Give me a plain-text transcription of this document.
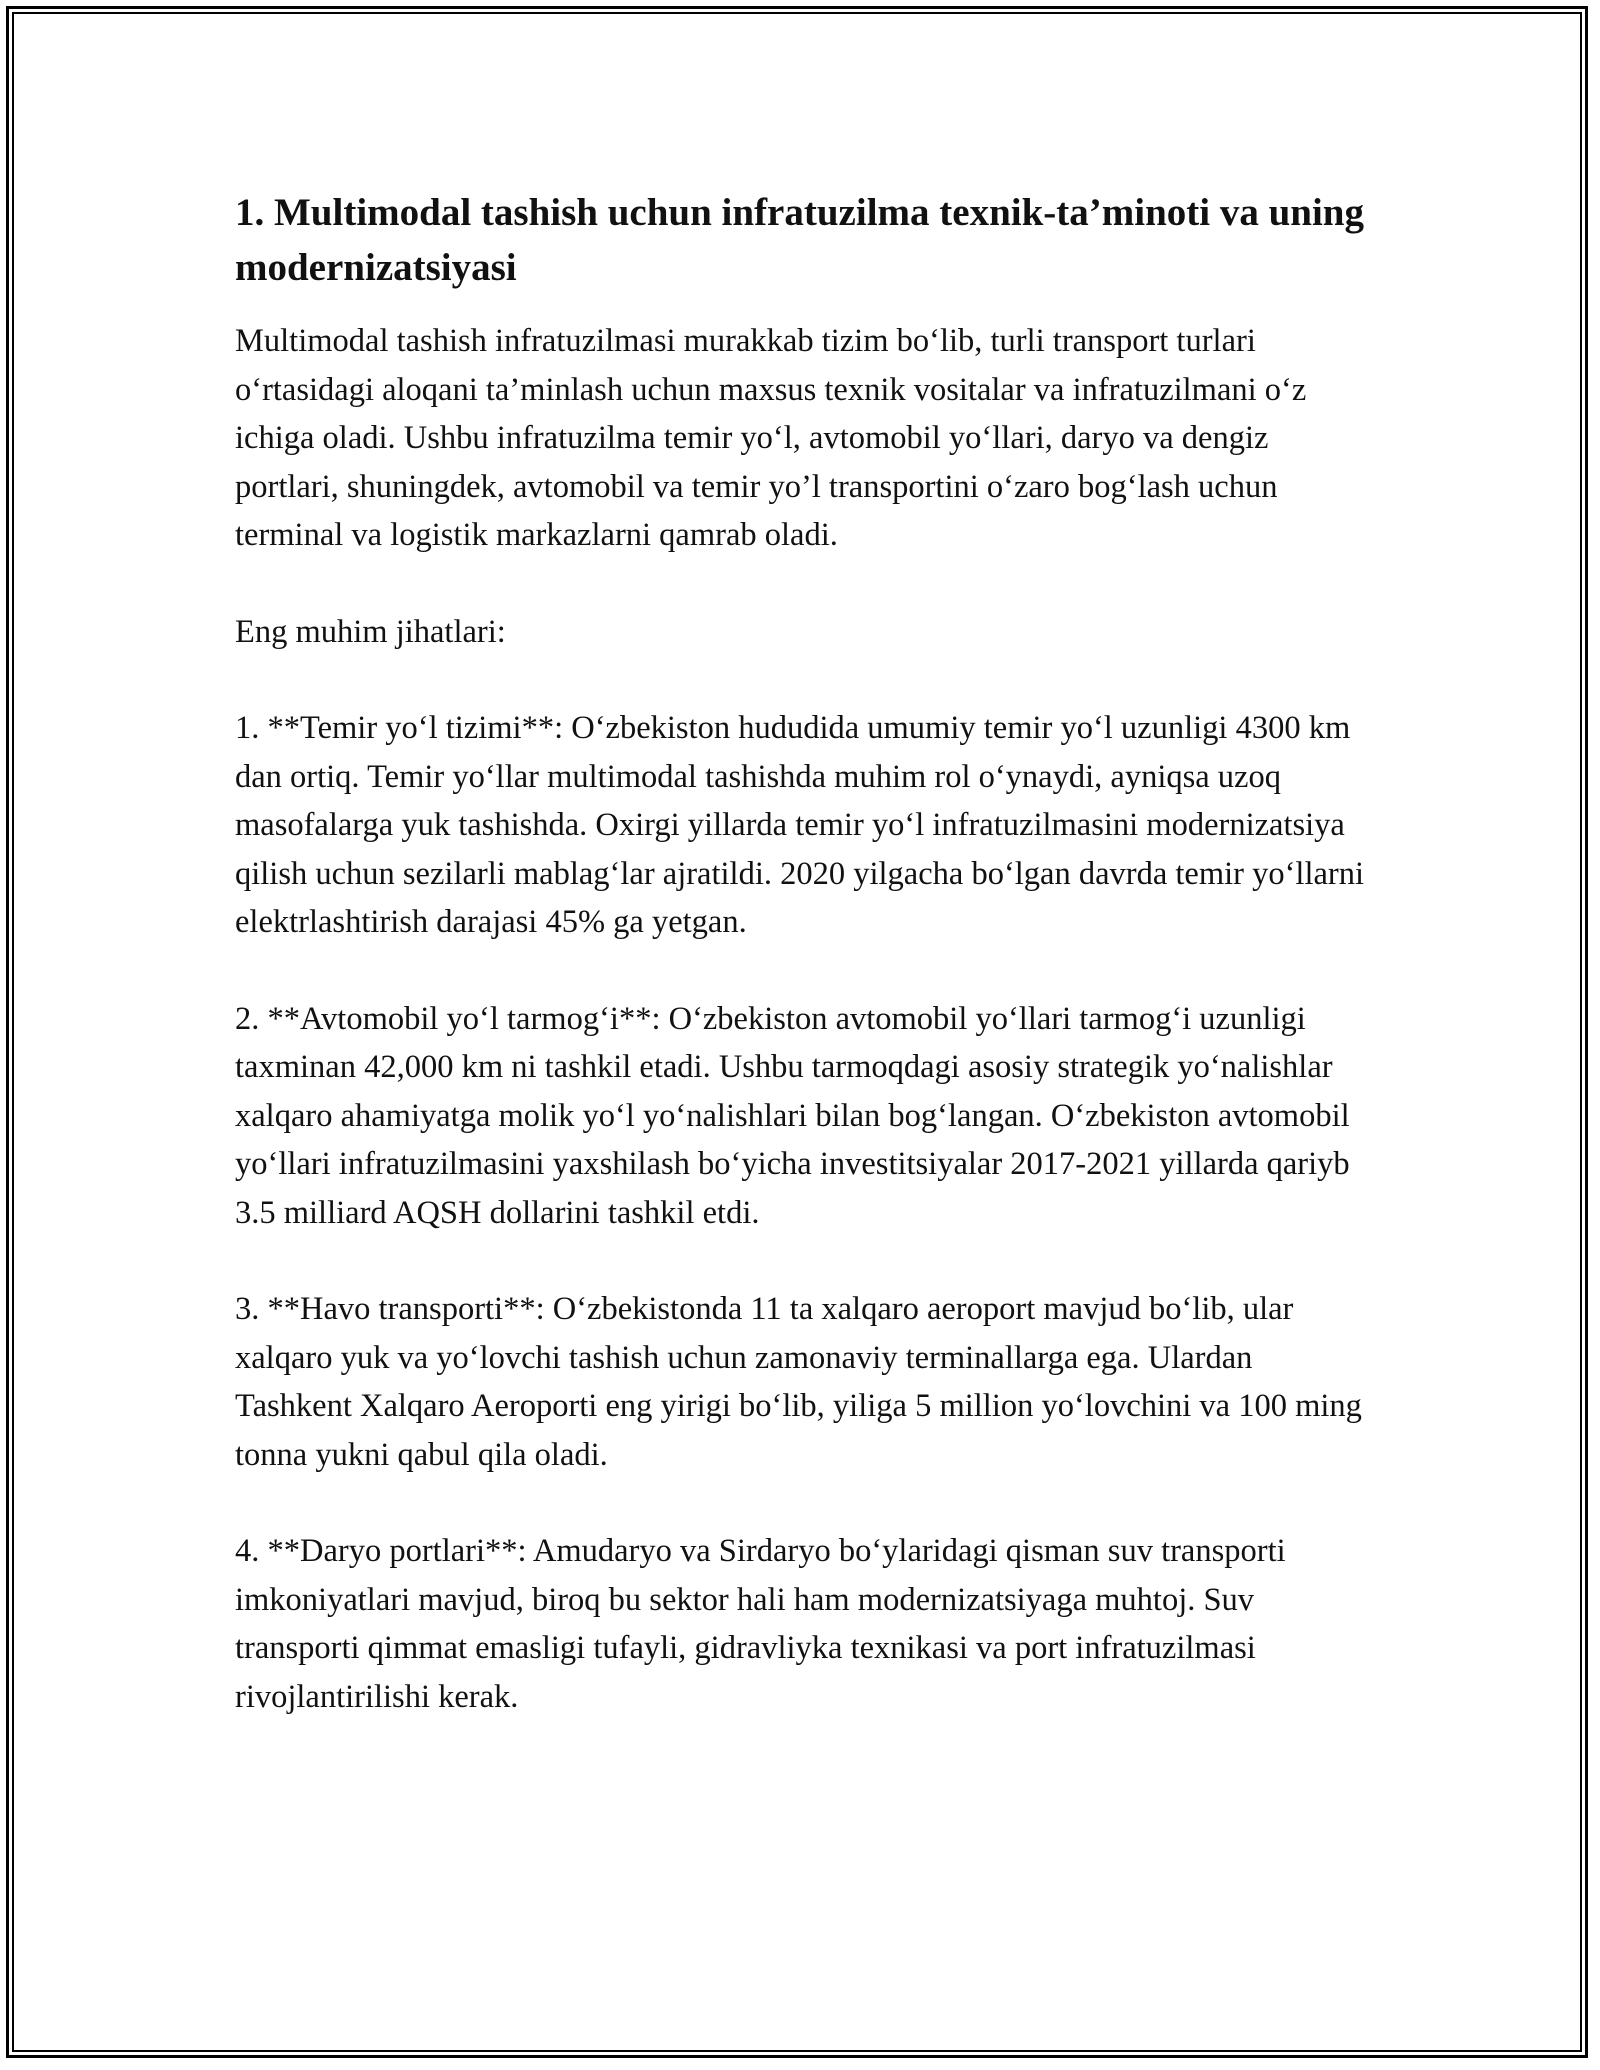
1. Multimodal tashish uchun infratuzilma texnik-ta’minoti va uning modernizatsiyasi

Multimodal tashish infratuzilmasi murakkab tizim boʻlib, turli transport turlari oʻrtasidagi aloqani ta’minlash uchun maxsus texnik vositalar va infratuzilmani oʻz ichiga oladi. Ushbu infratuzilma temir yoʻl, avtomobil yoʻllari, daryo va dengiz portlari, shuningdek, avtomobil va temir yo’l transportini oʻzaro bogʻlash uchun terminal va logistik markazlarni qamrab oladi.

Eng muhim jihatlari:

1. **Temir yoʻl tizimi**: Oʻzbekiston hududida umumiy temir yoʻl uzunligi 4300 km dan ortiq. Temir yoʻllar multimodal tashishda muhim rol oʻynaydi, ayniqsa uzoq masofalarga yuk tashishda. Oxirgi yillarda temir yoʻl infratuzilmasini modernizatsiya qilish uchun sezilarli mablagʻlar ajratildi. 2020 yilgacha boʻlgan davrda temir yoʻllarni elektrlashtirish darajasi 45% ga yetgan.

2. **Avtomobil yoʻl tarmogʻi**: Oʻzbekiston avtomobil yoʻllari tarmogʻi uzunligi taxminan 42,000 km ni tashkil etadi. Ushbu tarmoqdagi asosiy strategik yoʻnalishlar xalqaro ahamiyatga molik yoʻl yoʻnalishlari bilan bogʻlangan. Oʻzbekiston avtomobil yoʻllari infratuzilmasini yaxshilash boʻyicha investitsiyalar 2017-2021 yillarda qariyb 3.5 milliard AQSH dollarini tashkil etdi.

3. **Havo transporti**: Oʻzbekistonda 11 ta xalqaro aeroport mavjud boʻlib, ular xalqaro yuk va yoʻlovchi tashish uchun zamonaviy terminallarga ega. Ulardan Tashkent Xalqaro Aeroporti eng yirigi boʻlib, yiliga 5 million yoʻlovchini va 100 ming tonna yukni qabul qila oladi.

4. **Daryo portlari**: Amudaryo va Sirdaryo boʻylaridagi qisman suv transporti imkoniyatlari mavjud, biroq bu sektor hali ham modernizatsiyaga muhtoj. Suv transporti qimmat emasligi tufayli, gidravliyka texnikasi va port infratuzilmasi rivojlantirilishi kerak.
